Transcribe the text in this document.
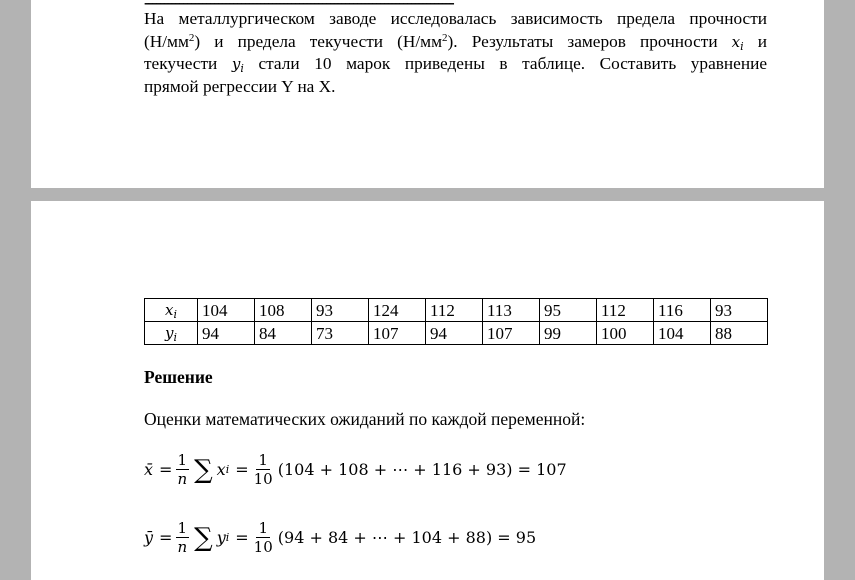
--------------------------------------------------------------------------------
На металлургическом заводе исследовалась зависимость предела прочности
$(Н/мм^2)$ и предела текучести $(Н/мм^2)$. Результаты замеров прочности $x_i$ и
текучести $y_i$ стали 10 марок приведены в таблице. Составить уравнение
прямой регрессии Y на X.
$x_i$	104	108	93	124	112	113	95	112	116	93
$y_i$	94	84	73	107	94	107	99	100	104	88
Решение
Оценки математических ожиданий по каждой переменной:
x̄ = $\frac{1}{n}$ ∑ x $i = \frac{1}{10} (104 + 108$ + ⋯ + 116 + 93) = 107
ȳ = $\frac{1}{n}$ ∑ y $i = \frac{1}{10} (94 + 84$ + ⋯ + 104 + 88) = 95
